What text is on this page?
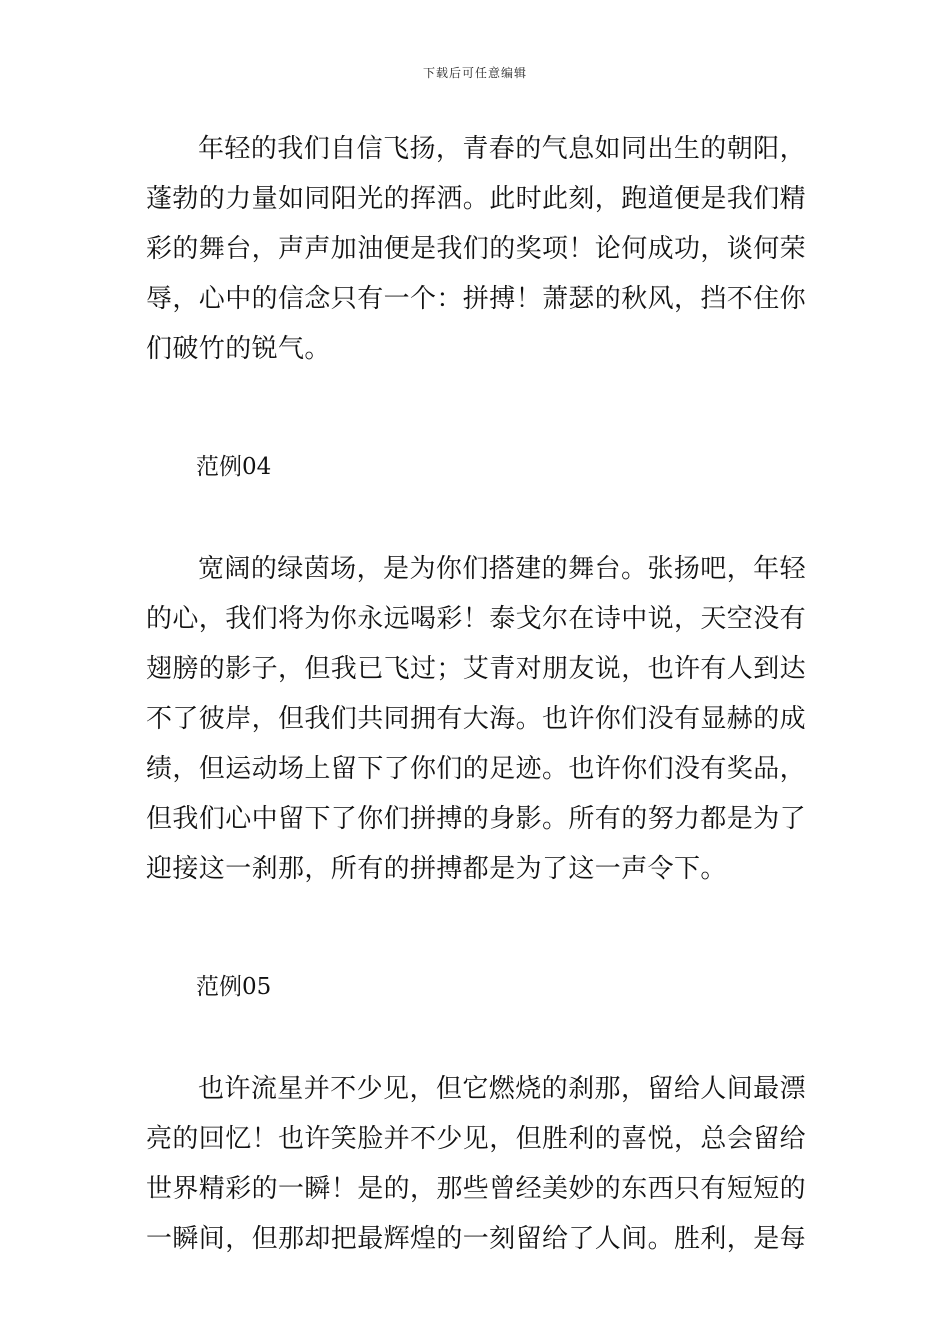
下载后可任意编辑

年轻的我们自信飞扬，青春的气息如同出生的朝阳，蓬勃的力量如同阳光的挥洒。此时此刻，跑道便是我们精彩的舞台，声声加油便是我们的奖项！论何成功，谈何荣辱，心中的信念只有一个：拼搏！萧瑟的秋风，挡不住你们破竹的锐气。

范例04

宽阔的绿茵场，是为你们搭建的舞台。张扬吧，年轻的心，我们将为你永远喝彩！泰戈尔在诗中说，天空没有翅膀的影子，但我已飞过；艾青对朋友说，也许有人到达不了彼岸，但我们共同拥有大海。也许你们没有显赫的成绩，但运动场上留下了你们的足迹。也许你们没有奖品，但我们心中留下了你们拼搏的身影。所有的努力都是为了迎接这一刹那，所有的拼搏都是为了这一声令下。

范例05

也许流星并不少见，但它燃烧的刹那，留给人间最漂亮的回忆！也许笑脸并不少见，但胜利的喜悦，总会留给世界精彩的一瞬！是的，那些曾经美妙的东西只有短短的一瞬间，但那却把最辉煌的一刻留给了人间。胜利，是每
